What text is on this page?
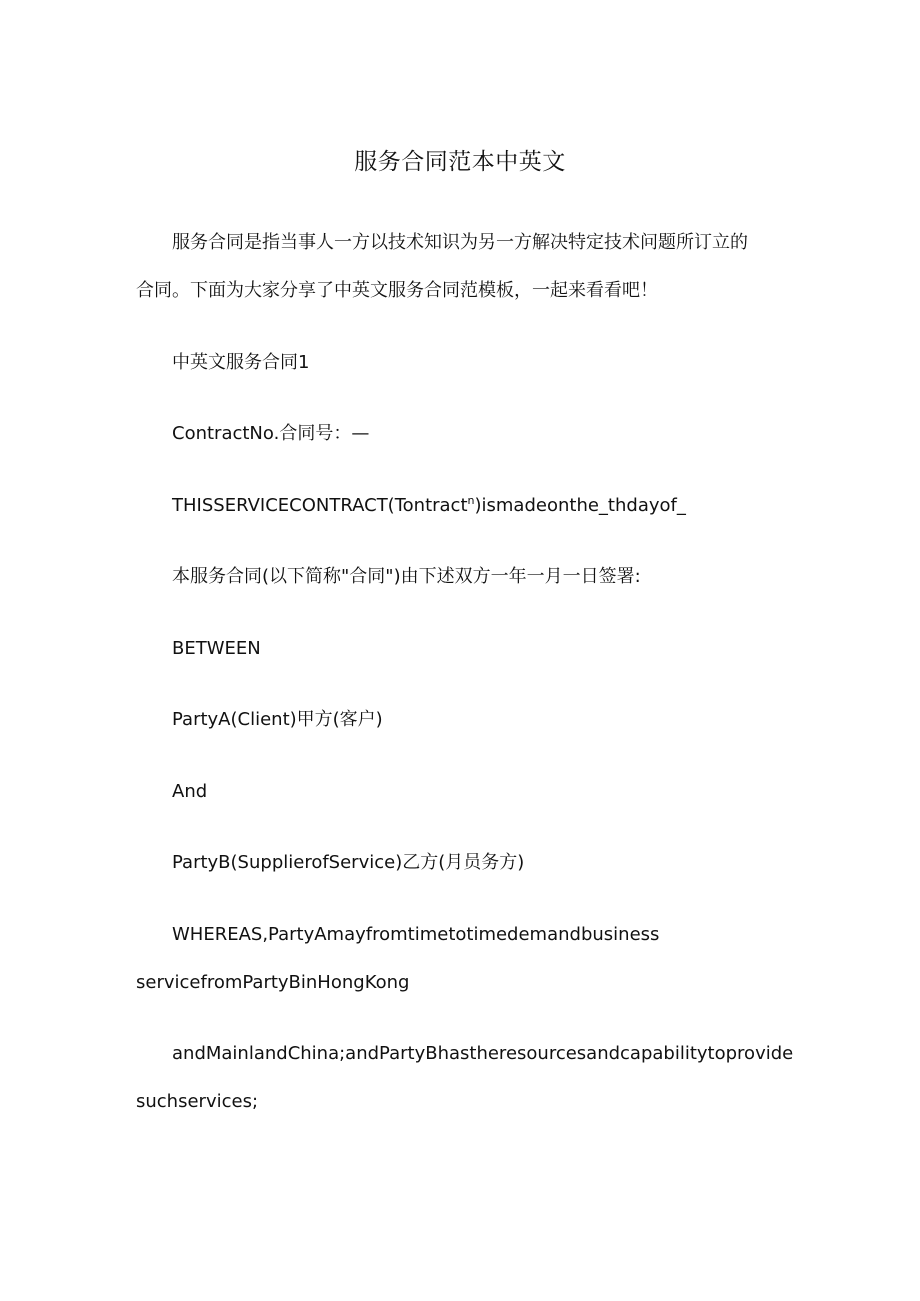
服务合同范本中英文
服务合同是指当事人一方以技术知识为另一方解决特定技术问题所订立的
合同。下面为大家分享了中英文服务合同范模板，一起来看看吧！
中英文服务合同1
ContractNo.合同号：—
THISSERVICECONTRACT(Tontract$^n$)ismadeonthe_thdayof_
本服务合同(以下简称"合同")由下述双方一年一月一日签署:
BETWEEN
PartyA(Client)甲方(客户)
And
PartyB(SupplierofService)乙方(月员务方)
WHEREAS,PartyAmayfromtimetotimedemandbusiness
servicefromPartyBinHongKong
andMainlandChina;andPartyBhastheresourcesandcapabilitytoprovide
suchservices;
